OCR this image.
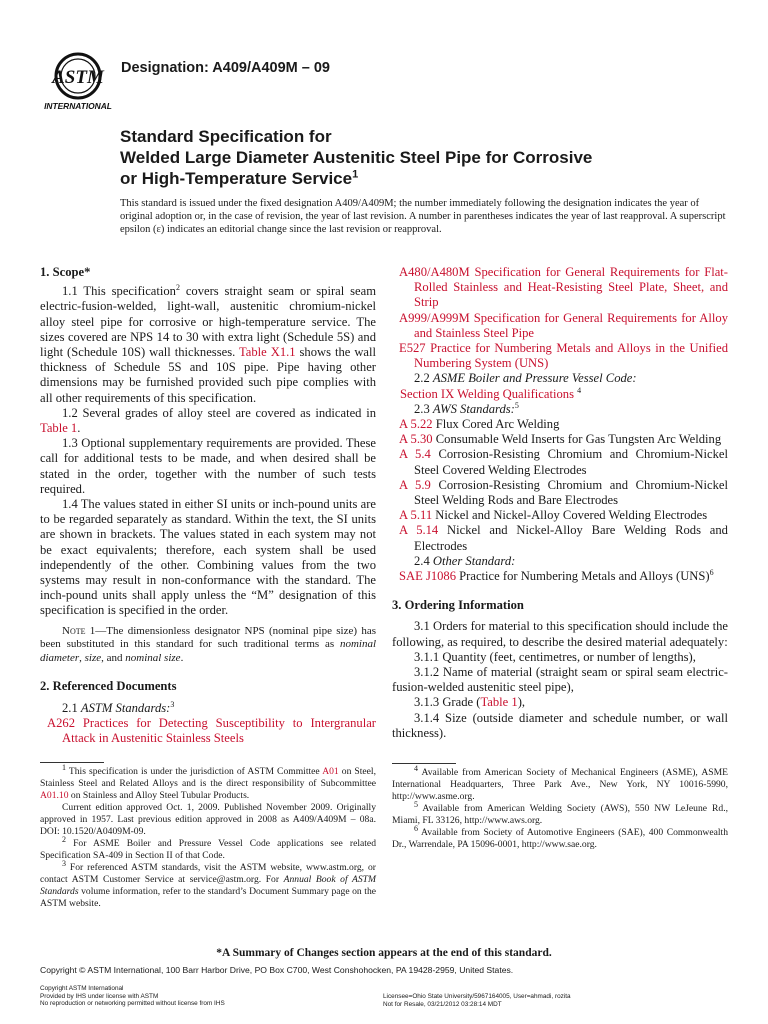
ASTM
INTERNATIONAL
Designation: A409/A409M – 09
Standard Specification for
Welded Large Diameter Austenitic Steel Pipe for Corrosive
or High-Temperature Service$^1$
This standard is issued under the fixed designation A409/A409M; the number immediately following the designation indicates the year of original adoption or, in the case of revision, the year of last revision. A number in parentheses indicates the year of last reapproval. A superscript epsilon (ε) indicates an editorial change since the last revision or reapproval.
1. Scope*

1.1 This specification$^2$ covers straight seam or spiral seam electric-fusion-welded, light-wall, austenitic chromium-nickel alloy steel pipe for corrosive or high-temperature service. The sizes covered are NPS 14 to 30 with extra light (Schedule 5S) and light (Schedule 10S) wall thicknesses. Table X1.1 shows the wall thickness of Schedule 5S and 10S pipe. Pipe having other dimensions may be furnished provided such pipe complies with all other requirements of this specification.

1.2 Several grades of alloy steel are covered as indicated in Table 1.

1.3 Optional supplementary requirements are provided. These call for additional tests to be made, and when desired shall be stated in the order, together with the number of such tests required.

1.4 The values stated in either SI units or inch-pound units are to be regarded separately as standard. Within the text, the SI units are shown in brackets. The values stated in each system may not be exact equivalents; therefore, each system shall be used independently of the other. Combining values from the two systems may result in non-conformance with the standard. The inch-pound units shall apply unless the “M” designation of this specification is specified in the order.

Note 1—The dimensionless designator NPS (nominal pipe size) has been substituted in this standard for such traditional terms as nominal diameter, size, and nominal size.

2. Referenced Documents

2.1 ASTM Standards:$^3$

A262 Practices for Detecting Susceptibility to Intergranular Attack in Austenitic Stainless Steels

$^1$ This specification is under the jurisdiction of ASTM Committee A01 on Steel, Stainless Steel and Related Alloys and is the direct responsibility of Subcommittee A01.10 on Stainless and Alloy Steel Tubular Products.

Current edition approved Oct. 1, 2009. Published November 2009. Originally approved in 1957. Last previous edition approved in 2008 as A409/A409M – 08a. DOI: 10.1520/A0409M-09.

$^2$ For ASME Boiler and Pressure Vessel Code applications see related Specification SA-409 in Section II of that Code.

$^3$ For referenced ASTM standards, visit the ASTM website, www.astm.org, or contact ASTM Customer Service at service@astm.org. For Annual Book of ASTM Standards volume information, refer to the standard’s Document Summary page on the ASTM website.

A480/A480M Specification for General Requirements for Flat-Rolled Stainless and Heat-Resisting Steel Plate, Sheet, and Strip

A999/A999M Specification for General Requirements for Alloy and Stainless Steel Pipe

E527 Practice for Numbering Metals and Alloys in the Unified Numbering System (UNS)

2.2 ASME Boiler and Pressure Vessel Code:

Section IX Welding Qualifications $^4$

2.3 AWS Standards:$^5$

A 5.22 Flux Cored Arc Welding

A 5.30 Consumable Weld Inserts for Gas Tungsten Arc Welding

A 5.4 Corrosion-Resisting Chromium and Chromium-Nickel Steel Covered Welding Electrodes

A 5.9 Corrosion-Resisting Chromium and Chromium-Nickel Steel Welding Rods and Bare Electrodes

A 5.11 Nickel and Nickel-Alloy Covered Welding Electrodes

A 5.14 Nickel and Nickel-Alloy Bare Welding Rods and Electrodes

2.4 Other Standard:

SAE J1086 Practice for Numbering Metals and Alloys (UNS)$^6$

3. Ordering Information

3.1 Orders for material to this specification should include the following, as required, to describe the desired material adequately:

3.1.1 Quantity (feet, centimetres, or number of lengths),

3.1.2 Name of material (straight seam or spiral seam electric-fusion-welded austenitic steel pipe),

3.1.3 Grade (Table 1),

3.1.4 Size (outside diameter and schedule number, or wall thickness).

$^4$ Available from American Society of Mechanical Engineers (ASME), ASME International Headquarters, Three Park Ave., New York, NY 10016-5990, http://www.asme.org.

$^5$ Available from American Welding Society (AWS), 550 NW LeJeune Rd., Miami, FL 33126, http://www.aws.org.

$^6$ Available from Society of Automotive Engineers (SAE), 400 Commonwealth Dr., Warrendale, PA 15096-0001, http://www.sae.org.

*A Summary of Changes section appears at the end of this standard.
Copyright © ASTM International, 100 Barr Harbor Drive, PO Box C700, West Conshohocken, PA 19428-2959, United States.
Copyright ASTM International
Provided by IHS under license with ASTM
No reproduction or networking permitted without license from IHS
Licensee=Ohio State University/5967164005, User=ahmadi, rozita
Not for Resale, 03/21/2012 03:28:14 MDT
